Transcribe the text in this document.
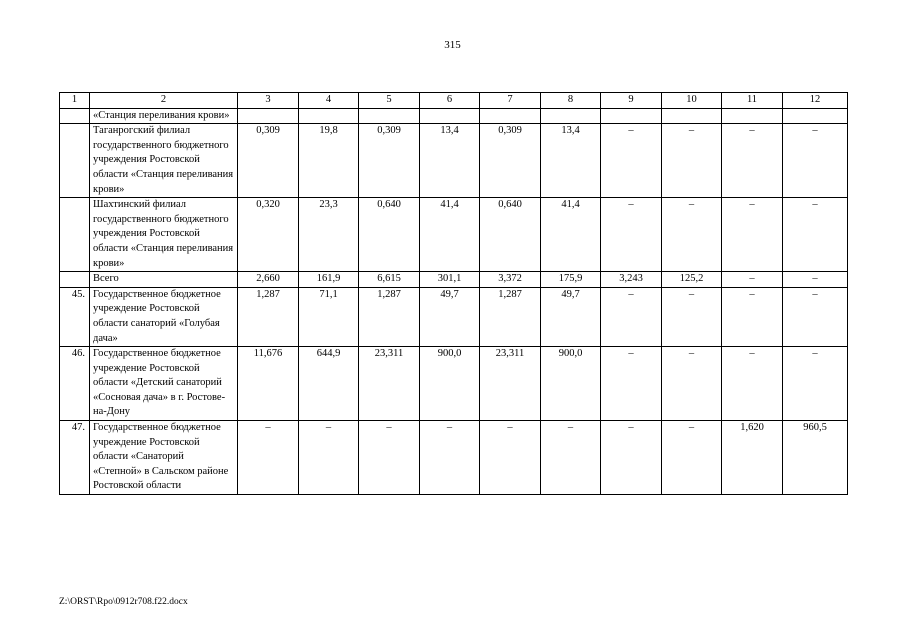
315
1	2	3	4	5	6	7	8	9	10	11	12
	«Станция переливания крови»										
	Таганрогский филиал государственного бюджетного учреждения Ростовской области «Станция переливания крови»	0,309	19,8	0,309	13,4	0,309	13,4	–	–	–	–
	Шахтинский филиал государственного бюджетного учреждения Ростовской области «Станция переливания крови»	0,320	23,3	0,640	41,4	0,640	41,4	–	–	–	–
	Всего	2,660	161,9	6,615	301,1	3,372	175,9	3,243	125,2	–	–
45.	Государственное бюджетное учреждение Ростовской области санаторий «Голубая дача»	1,287	71,1	1,287	49,7	1,287	49,7	–	–	–	–
46.	Государственное бюджетное учреждение Ростовской области «Детский санаторий «Сосновая дача» в г. Ростове-на-Дону	11,676	644,9	23,311	900,0	23,311	900,0	–	–	–	–
47.	Государственное бюджетное учреждение Ростовской области «Санаторий «Степной» в Сальском районе Ростовской области	–	–	–	–	–	–	–	–	1,620	960,5
Z:\ORST\Rpo\0912r708.f22.docx
